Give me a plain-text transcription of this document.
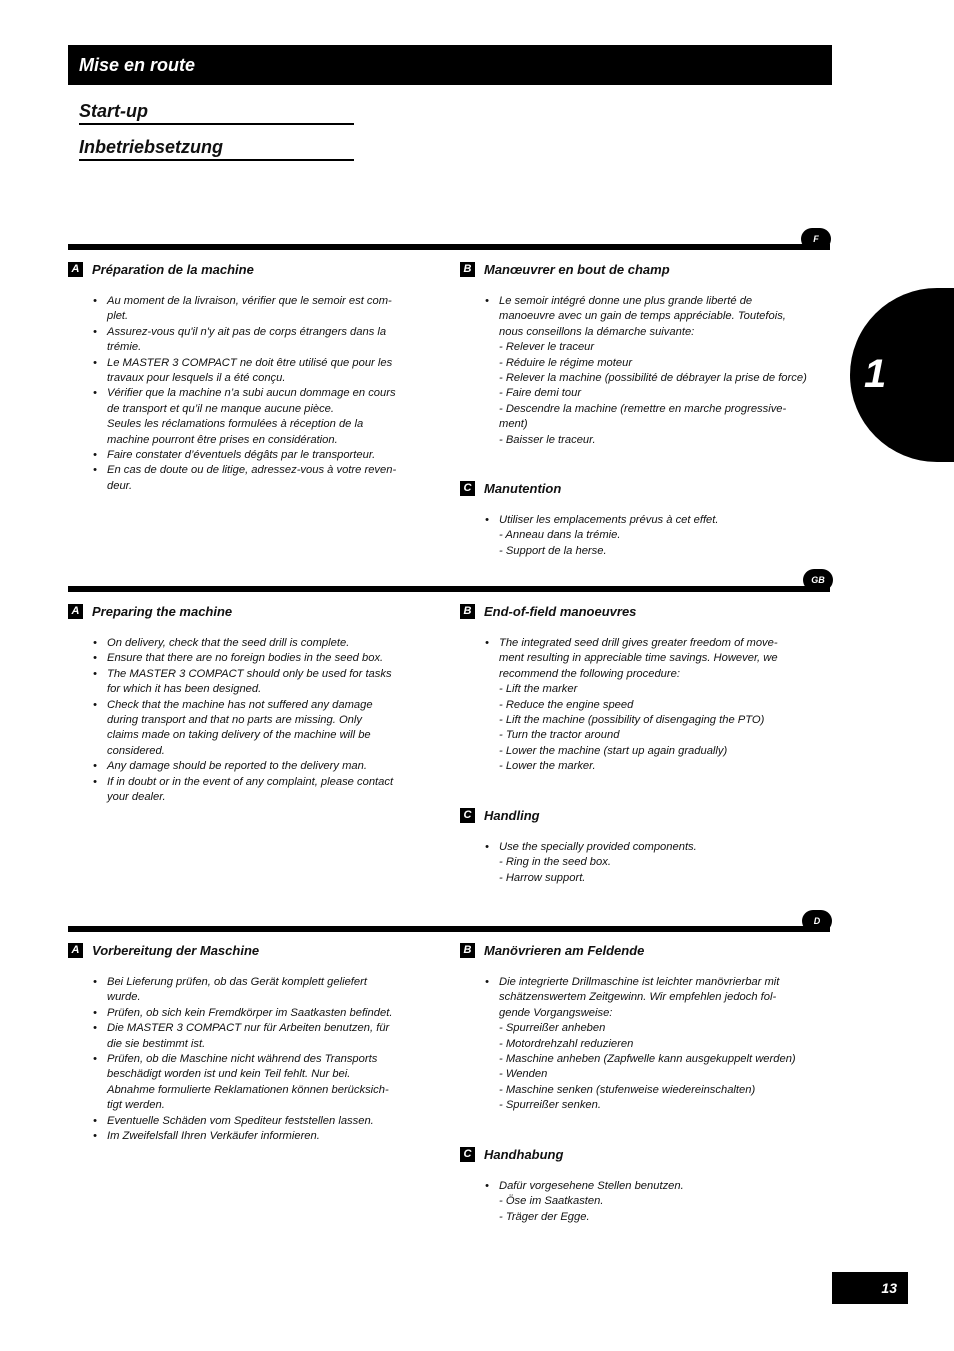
Mise en route
Start-up
Inbetriebsetzung
1
F
A Préparation de la machine
• Au moment de la livraison, vérifier que le semoir est com-
plet.
• Assurez-vous qu'il n'y ait pas de corps étrangers dans la
trémie.
• Le MASTER 3 COMPACT ne doit être utilisé que pour les
travaux pour lesquels il a été conçu.
• Vérifier que la machine n’a subi aucun dommage en cours
de transport et qu’il ne manque aucune pièce.
Seules les réclamations formulées à réception de la
machine pourront être prises en considération.
• Faire constater d’éventuels dégâts par le transporteur.
• En cas de doute ou de litige, adressez-vous à votre reven-
deur.
B Manœuvrer en bout de champ
• Le semoir intégré donne une plus grande liberté de
manoeuvre avec un gain de temps appréciable. Toutefois,
nous conseillons la démarche suivante:
- Relever le traceur
- Réduire le régime moteur
- Relever la machine (possibilité de débrayer la prise de force)
- Faire demi tour
- Descendre la machine (remettre en marche progressive-
ment)
- Baisser le traceur.
C Manutention
• Utiliser les emplacements prévus à cet effet.
- Anneau dans la trémie.
- Support de la herse.
GB
A Preparing the machine
• On delivery, check that the seed drill is complete.
• Ensure that there are no foreign bodies in the seed box.
• The MASTER 3 COMPACT should only be used for tasks
for which it has been designed.
• Check that the machine has not suffered any damage
during transport and that no parts are missing. Only
claims made on taking delivery of the machine will be
considered.
• Any damage should be reported to the delivery man.
• If in doubt or in the event of any complaint, please contact
your dealer.
B End-of-field manoeuvres
• The integrated seed drill gives greater freedom of move-
ment resulting in appreciable time savings. However, we
recommend the following procedure:
- Lift the marker
- Reduce the engine speed
- Lift the machine (possibility of disengaging the PTO)
- Turn the tractor around
- Lower the machine (start up again gradually)
- Lower the marker.
C Handling
• Use the specially provided components.
- Ring in the seed box.
- Harrow support.
D
A Vorbereitung der Maschine
• Bei Lieferung prüfen, ob das Gerät komplett geliefert
wurde.
• Prüfen, ob sich kein Fremdkörper im Saatkasten befindet.
• Die MASTER 3 COMPACT nur für Arbeiten benutzen, für
die sie bestimmt ist.
• Prüfen, ob die Maschine nicht während des Transports
beschädigt worden ist und kein Teil fehlt. Nur bei.
Abnahme formulierte Reklamationen können berücksich-
tigt werden.
• Eventuelle Schäden vom Spediteur feststellen lassen.
• Im Zweifelsfall Ihren Verkäufer informieren.
B Manövrieren am Feldende
• Die integrierte Drillmaschine ist leichter manövrierbar mit
schätzenswertem Zeitgewinn. Wir empfehlen jedoch fol-
gende Vorgangsweise:
- Spurreißer anheben
- Motordrehzahl reduzieren
- Maschine anheben (Zapfwelle kann ausgekuppelt werden)
- Wenden
- Maschine senken (stufenweise wiedereinschalten)
- Spurreißer senken.
C Handhabung
• Dafür vorgesehene Stellen benutzen.
- Öse im Saatkasten.
- Träger der Egge.
13
